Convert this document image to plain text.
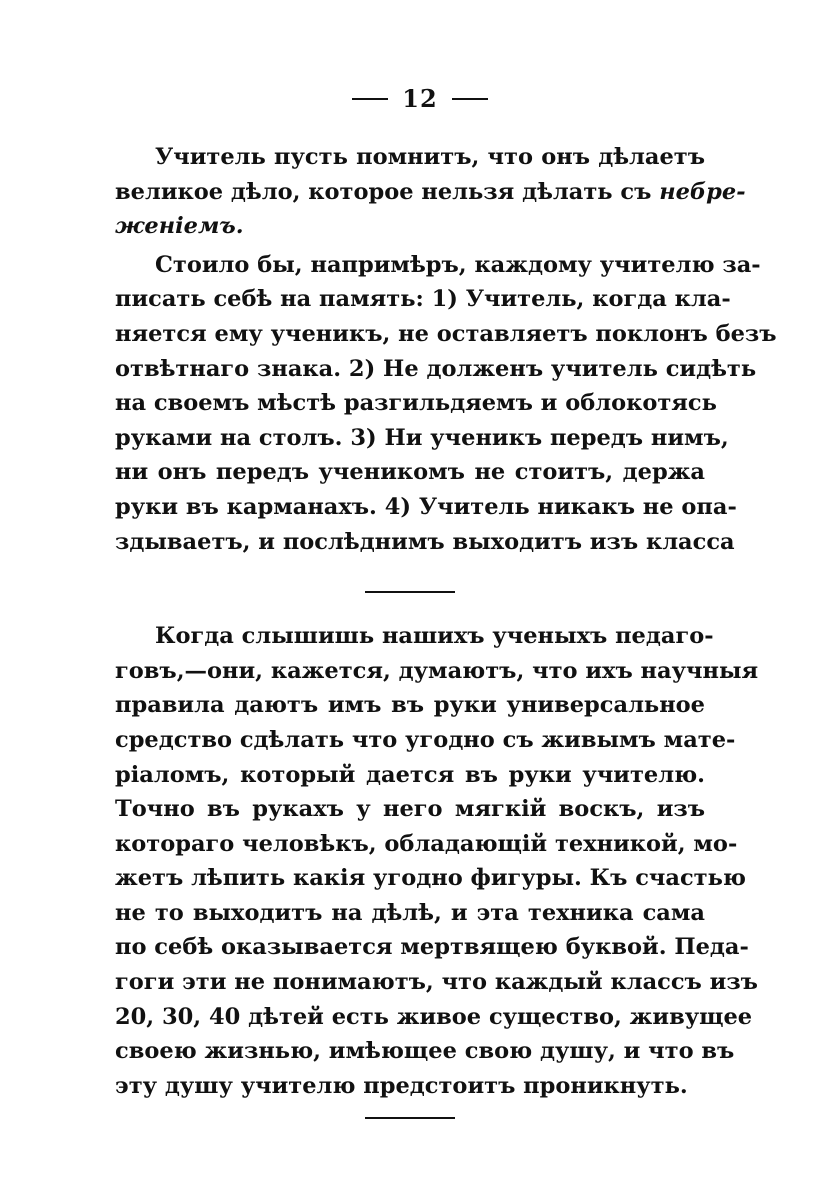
12

Учитель пусть помнитъ, что онъ дѣлаетъ
великое дѣло, которое нельзя дѣлать съ небре-
женіемъ.

Стоило бы, напримѣръ, каждому учителю за-
писать себѣ на память: 1) Учитель, когда кла-
няется ему ученикъ, не оставляетъ поклонъ безъ
отвѣтнаго знака. 2) Не долженъ учитель сидѣть
на своемъ мѣстѣ разгильдяемъ и облокотясь
руками на столъ. 3) Ни ученикъ передъ нимъ,
ни онъ передъ ученикомъ не стоитъ, держа
руки въ карманахъ. 4) Учитель никакъ не опа-
здываетъ, и послѣднимъ выходитъ изъ класса

Когда слышишь нашихъ ученыхъ педаго-
говъ,—они, кажется, думаютъ, что ихъ научныя
правила даютъ имъ въ руки универсальное
средство сдѣлать что угодно съ живымъ мате-
ріаломъ, который дается въ руки учителю.
Точно въ рукахъ у него мягкій воскъ, изъ
котораго человѣкъ, обладающій техникой, мо-
жетъ лѣпить какія угодно фигуры. Къ счастью
не то выходитъ на дѣлѣ, и эта техника сама
по себѣ оказывается мертвящею буквой. Педа-
гоги эти не понимаютъ, что каждый классъ изъ
20, 30, 40 дѣтей есть живое существо, живущее
своею жизнью, имѣющее свою душу, и что въ
эту душу учителю предстоитъ проникнуть.
